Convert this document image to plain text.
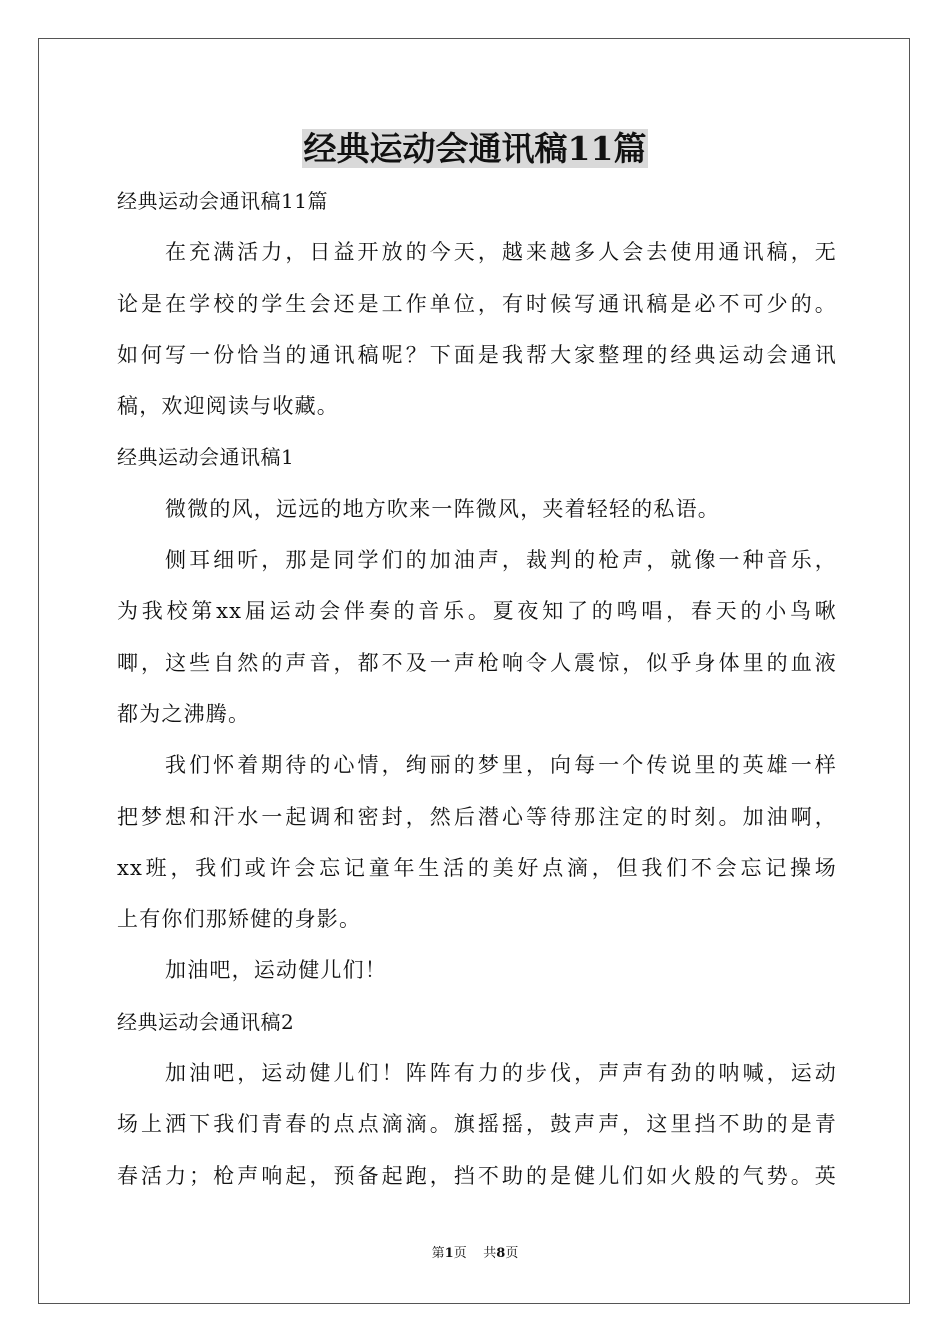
经典运动会通讯稿11篇
经典运动会通讯稿11篇
在充满活力，日益开放的今天，越来越多人会去使用通讯稿，无
论是在学校的学生会还是工作单位，有时候写通讯稿是必不可少的。
如何写一份恰当的通讯稿呢？下面是我帮大家整理的经典运动会通讯
稿，欢迎阅读与收藏。
经典运动会通讯稿1
微微的风，远远的地方吹来一阵微风，夹着轻轻的私语。
侧耳细听，那是同学们的加油声，裁判的枪声，就像一种音乐，
为我校第xx届运动会伴奏的音乐。夏夜知了的鸣唱，春天的小鸟啾
唧，这些自然的声音，都不及一声枪响令人震惊，似乎身体里的血液
都为之沸腾。
我们怀着期待的心情，绚丽的梦里，向每一个传说里的英雄一样
把梦想和汗水一起调和密封，然后潜心等待那注定的时刻。加油啊，
xx班，我们或许会忘记童年生活的美好点滴，但我们不会忘记操场
上有你们那矫健的身影。
加油吧，运动健儿们！
经典运动会通讯稿2
加油吧，运动健儿们！阵阵有力的步伐，声声有劲的呐喊，运动
场上洒下我们青春的点点滴滴。旗摇摇，鼓声声，这里挡不助的是青
春活力；枪声响起，预备起跑，挡不助的是健儿们如火般的气势。英
第1页 共8页
